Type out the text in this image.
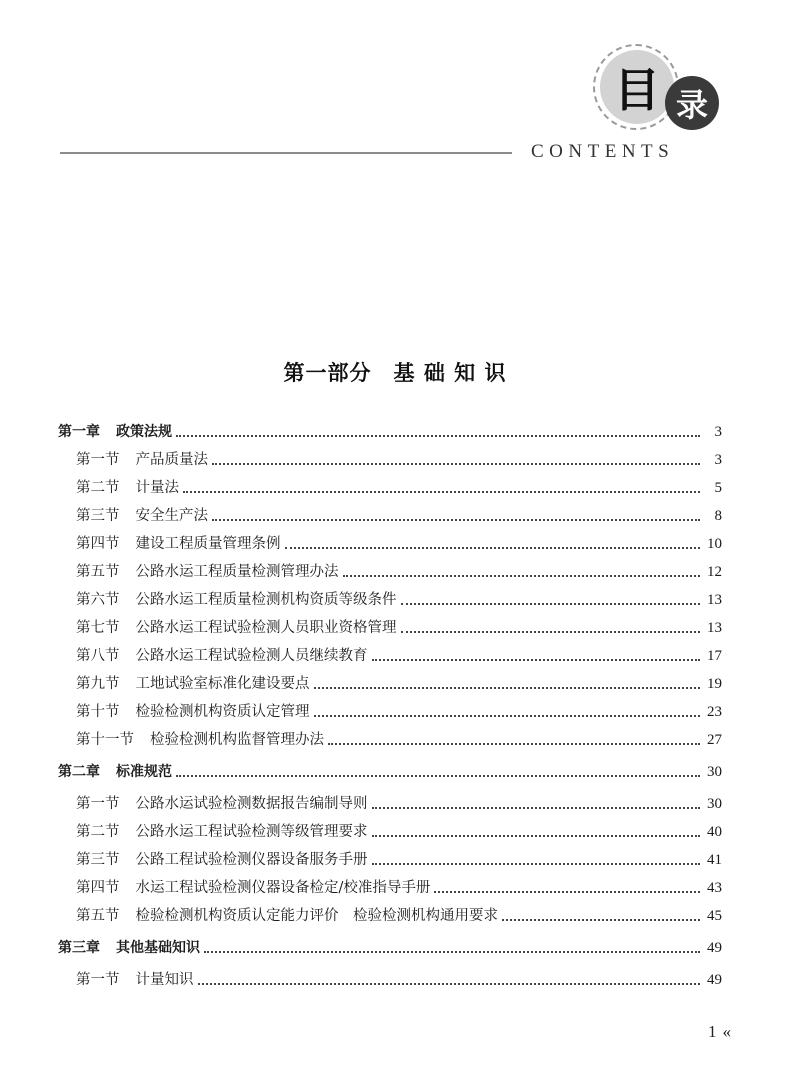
目 录
CONTENTS
第一部分　基 础 知 识
第一章 政策法规	3
第一节 产品质量法	3
第二节 计量法	5
第三节 安全生产法	8
第四节 建设工程质量管理条例	10
第五节 公路水运工程质量检测管理办法	12
第六节 公路水运工程质量检测机构资质等级条件	13
第七节 公路水运工程试验检测人员职业资格管理	13
第八节 公路水运工程试验检测人员继续教育	17
第九节 工地试验室标准化建设要点	19
第十节 检验检测机构资质认定管理	23
第十一节 检验检测机构监督管理办法	27
第二章 标准规范	30
第一节 公路水运试验检测数据报告编制导则	30
第二节 公路水运工程试验检测等级管理要求	40
第三节 公路工程试验检测仪器设备服务手册	41
第四节 水运工程试验检测仪器设备检定/校准指导手册	43
第五节 检验检测机构资质认定能力评价　检验检测机构通用要求	45
第三章 其他基础知识	49
第一节 计量知识	49
1 «
